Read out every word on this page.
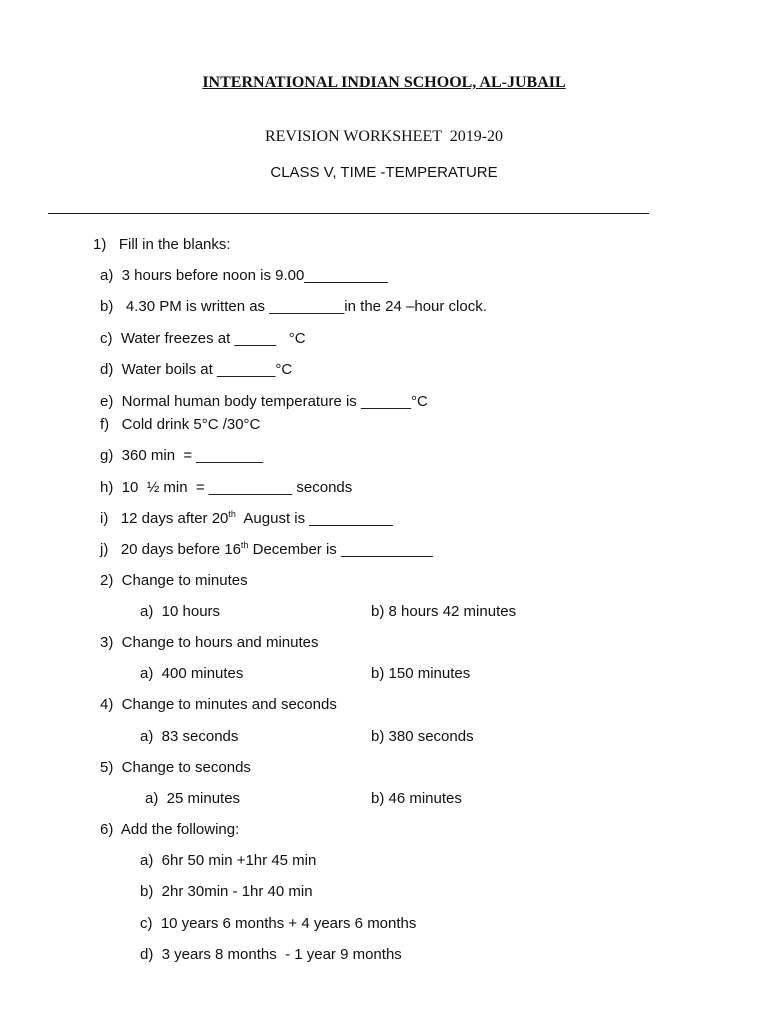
INTERNATIONAL INDIAN SCHOOL, AL-JUBAIL
REVISION WORKSHEET  2019-20
CLASS V, TIME -TEMPERATURE
1)   Fill in the blanks:
a)  3 hours before noon is 9.00__________
b)   4.30 PM is written as _________in the 24 –hour clock.
c)  Water freezes at _____   °C
d)  Water boils at _______°C
e)  Normal human body temperature is ______°C
f)   Cold drink 5°C /30°C
g)  360 min  = ________
h)  10  ½ min  = __________ seconds
i)   12 days after 20th  August is __________
j)   20 days before 16th December is ___________
2)  Change to minutes
a)  10 hours	b) 8 hours 42 minutes
3)  Change to hours and minutes
a)  400 minutes	b) 150 minutes
4)  Change to minutes and seconds
a)  83 seconds	b) 380 seconds
5)  Change to seconds
a)  25 minutes	b) 46 minutes
6)  Add the following:
a)  6hr 50 min +1hr 45 min
b)  2hr 30min - 1hr 40 min
c)  10 years 6 months + 4 years 6 months
d)  3 years 8 months  - 1 year 9 months
